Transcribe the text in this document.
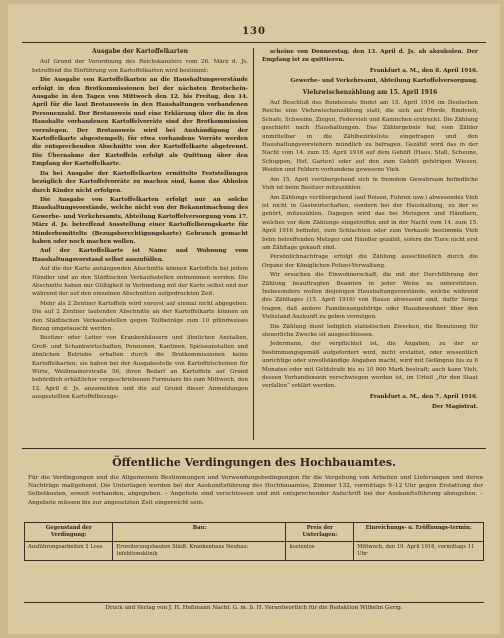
130
Ausgabe der Kartoffelkarten

Auf Grund der Verordnung des Reichskanzlers vom 26. März d. Js. betreffend die Einführung von Kartoffelkarten wird bestimmt:

Die Ausgabe von Kartoffelkarten an die Haushaltungsvorstände erfolgt in den Brotkommissionen bei der nächsten Brotschein-Ausgabe in den Tagen von Mittwoch den 12. bis Freitag, den 14. April für die laut Brotausweis in den Haushaltungen vorhandenen Personenzahl. Der Brotausweis und eine Erklärung über die in den Haushalte vorhandenen Kartoffelvorräte sind der Brotkommission vorzulegen. Der Brotausweis wird bei Aushändigung der Kartoffelkarte abgestempelt; für etwa vorhandene Vorräte werden die entsprechenden Abschnitte von der Kartoffelkarte abgetrennt. Die Übernahme der Kartoffeln erfolgt als Quittung über den Empfang der Kartoffelkarte.

Da bei Ausgabe der Kartoffelkarten ermittelte Feststellungen bezüglich der Kartoffelvorräte zu machen sind, kann das Abholen durch Kinder nicht erfolgen.

Die Ausgabe von Kartoffelkarten erfolgt nur an solche Haushaltungsvorstände, welche nicht von der Bekanntmachung des Gewerbe- und Verkehrsamts, Abteilung Kartoffelversorgung vom 17. März d. Js. betreffend Ausstellung einer Kartoffelbezugskarte für Minderbemittelte (Bezugsberechtigungskarte) Gebrauch gemacht haben oder noch machen wollen.

Auf der Kartoffelkarte ist Name und Wohnung vom Haushaltungsvorstand selbst auszufüllen.

Auf die der Karte anhängenden Abschnitte können Kartoffeln bei jedem Händler und an den Städtischen Verkaufsstellen entnommen werden. Die Abschnitte haben nur Gültigkeit in Verbindung mit der Karte selbst und nur während der auf den einzelnen Abschnitten aufgedruckten Zeit.

Mehr als 2 Zentner Kartoffeln wird vorerst auf einmal nicht abgegeben. Die auf 2 Zentner lautenden Abschnitte an der Kartoffelkarte können an den Städtischen Verkaufsstellen gegen Teilbeträge zum 10 pfündweises Bezug umgetauscht werden.

Besitzer oder Leiter von Krankenhäusern und ähnlichen Anstalten, Groß- und Schankwirtschaften, Pensionen, Kantinen, Speiseanstalten und ähnlichen Betriebe erhalten durch die Brotkommissionen keine Kartoffelkarten; sie haben bei der Ausgabestelle von Kartoffelscheinen für Wirte, Weißmainerstraße 56, ihren Bedarf an Kartoffeln auf Grund behördlich erhältlicher vorgeschriebenen Formulare bis zum Mittwoch, den 12. April d. Js. anzumelden und die auf Grund dieser Anmeldungen ausgestellten Kartoffelbezugs-

scheine von Donnerstag, den 13. April d. Js. ab abzuholen. Der Empfang ist zu quittieren.

Frankfurt a. M., den 8. April 1916.
Gewerbe- und Verkehrsamt, Abteilung Kartoffelversorgung.
Viehzwischenzählung am 15. April 1916

Auf Beschluß des Bundesrats findet am 15. April 1916 im Deutschen Reiche eine Viehzwischenzählung statt, die sich auf Pferde, Rindvieh, Schafe, Schweine, Ziegen, Federvieh und Kaninchen erstreckt. Die Zählung geschieht nach Haushaltungen. Das Zählergebnis hat vom Zähler unmittelbar in die Zählbezirksliste eingetragen und den Haushaltungsvorstehern mündlich zu befragen. Gezählt wird das in der Nacht vom 14. zum 15. April 1916 auf dem Gehöft (Haus, Stall, Scheune, Schuppen, Hof, Garten) oder auf den zum Gehöft gehörigen Wiesen, Weiden und Feldern vorhandene gewesene Vieh.

Am 15. April verübergehend sich in fremdem Gewahrsam befindliche Vieh ist beim Besitzer mitzuzählen.

Am Zählungs verübergehend (auf Reisen, Fuhren usw.) abwesendes Vieh ist nicht in Gastwirtschaften, sondern bei der Haushaltung, zu der es gehört, mitzuzählen. Dagegen wird das bei Metzgern und Händlern, welches vor dem Zählungs eingetroffen und in der Nacht vom 14. zum 15. April 1916 befindet, zum Schlachten oder zum Verkaufe bestimmte Vieh beim betreffenden Metzger und Händler gezählt, sofern die Tiere nicht erst am Zähltage gekauft sind.

Persönlichnachfrage erfolgt die Zählung ausschließlich durch die Organe der Königlichen Polizei-Verwaltung.

Wir ersuchen die Einwohnerschaft, die mit der Durchführung der Zählung beauftragten Beamten in jeder Weise zu unterstützen. Insbesondere wollen diejenigen Haushaltungsvorstände, welche während des Zähltages (15. April 1916) von Hause abwesend sind, dafür Sorge tragen, daß andere Familienangehörige oder Hausbewohner über den Viehstand Auskunft zu geben vermögen.

Die Zählung dient lediglich statistischen Zwecken, die Benutzung für steuerliche Zwecke ist ausgeschlossen.

Jedermann, der verpflichtet ist, die Angaben, zu der er bestimmungsgemäß aufgefordert wird, nicht erstattet, oder wissentlich unrichtige oder unvollständige Angaben macht, wird mit Gefängnis bis zu 6 Monaten oder mit Geldstrafe bis zu 10 000 Mark bestraft; auch kann Vieh, dessen Vorhandensein verschwiegen worden ist, im Urteil „für den Staat verfallen“ erklärt werden.

Frankfurt a. M., den 7. April 1916.
Der Magistrat.
Öffentliche Verdingungen des Hochbauamtes.
Für die Verdingungen und die Allgemeinen Bestimmungen und Verwendungsbedingungen für die Vergebung von Arbeiten und Lieferungen und deren Nachträge maßgebend. Die Unterlagen werden bei der Auskunftsführung des Hochbauamtes, Zimmer 132, vormittags 9–12 Uhr gegen Erstattung der Selbstkosten, soweit vorhanden, abgegeben. – Angebote sind verschlossen und mit entsprechender Aufschrift bei der Auskunftsführung abzugeben. – Angebote müssen bis zur angesetzten Zeit eingereicht sein.
Gegenstand der Verdingung:	Bau:	Preis der Unterlagen:	Einreichungs- u. Eröffnungs-termin:
Ausführungsarbeiten 2 Lose	Erweiterungsbauten Städt. Krankenhaus Neubau: Infektionsklinik	kostenlos	Mittwoch, den 19. April 1916, vormittags 11 Uhr
Druck und Verlag von J. H. Heßmann Nachf. G. m. b. H. Verantwortlich für die Redaktion Wilhelm Gerig.
